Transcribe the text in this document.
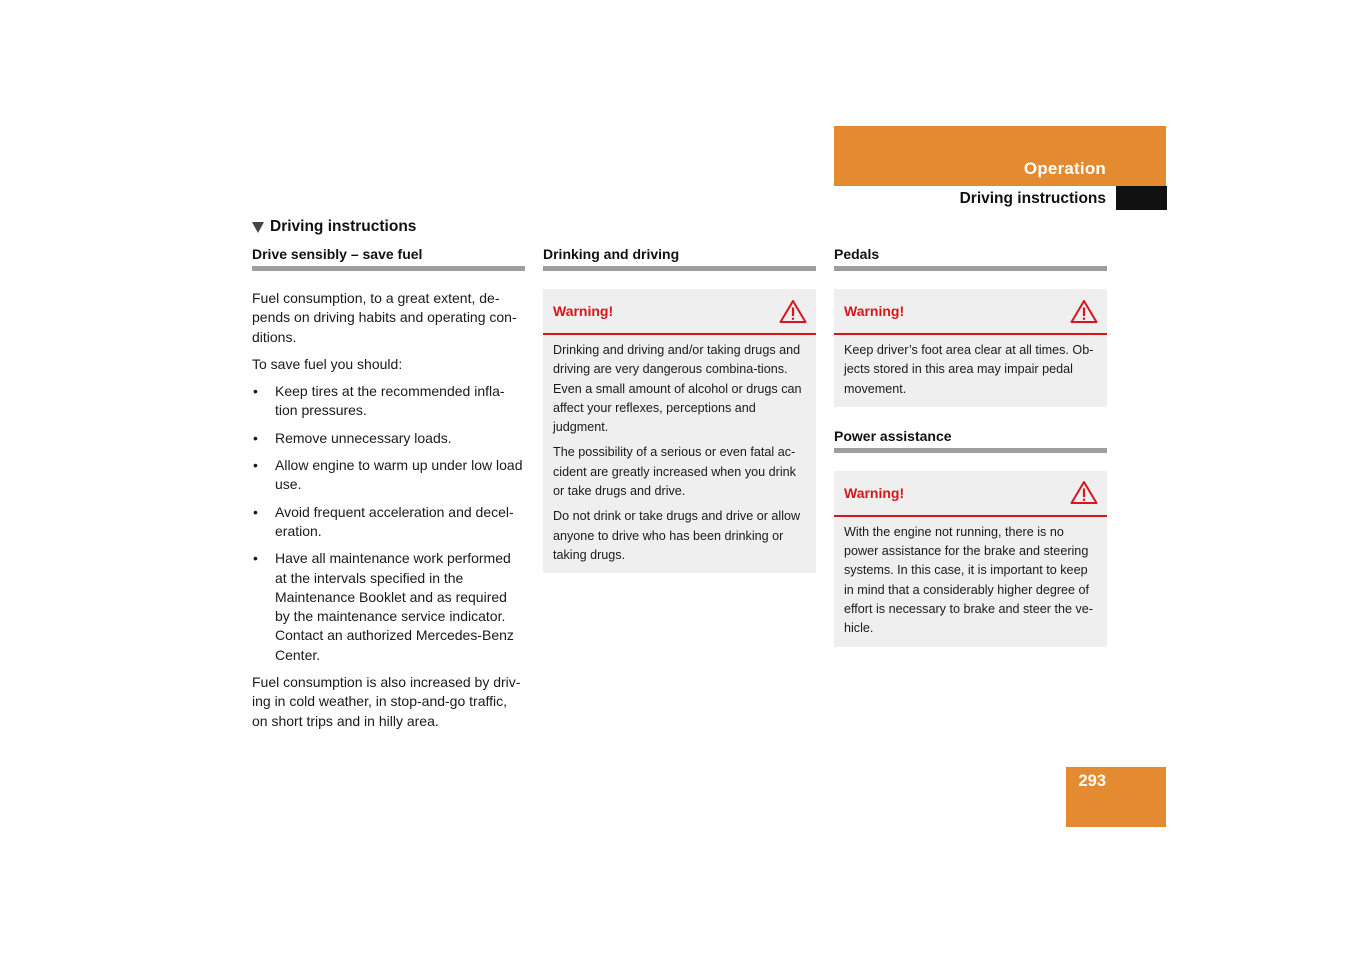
Operation
Driving instructions
Driving instructions
Drive sensibly – save fuel

Fuel consumption, to a great extent, de-pends on driving habits and operating con-ditions.

To save fuel you should:

• Keep tires at the recommended infla-tion pressures.
• Remove unnecessary loads.
• Allow engine to warm up under low load use.
• Avoid frequent acceleration and decel-eration.
• Have all maintenance work performed at the intervals specified in the Maintenance Booklet and as required by the maintenance service indicator. Contact an authorized Mercedes-Benz Center.

Fuel consumption is also increased by driv-ing in cold weather, in stop-and-go traffic, on short trips and in hilly area.

Drinking and driving
Warning!

Drinking and driving and/or taking drugs and driving are very dangerous combina-tions. Even a small amount of alcohol or drugs can affect your reflexes, perceptions and judgment.

The possibility of a serious or even fatal ac-cident are greatly increased when you drink or take drugs and drive.

Do not drink or take drugs and drive or allow anyone to drive who has been drinking or taking drugs.

Pedals
Warning!

Keep driver’s foot area clear at all times. Ob-jects stored in this area may impair pedal movement.

Power assistance
Warning!

With the engine not running, there is no power assistance for the brake and steering systems. In this case, it is important to keep in mind that a considerably higher degree of effort is necessary to brake and steer the ve-hicle.

293
